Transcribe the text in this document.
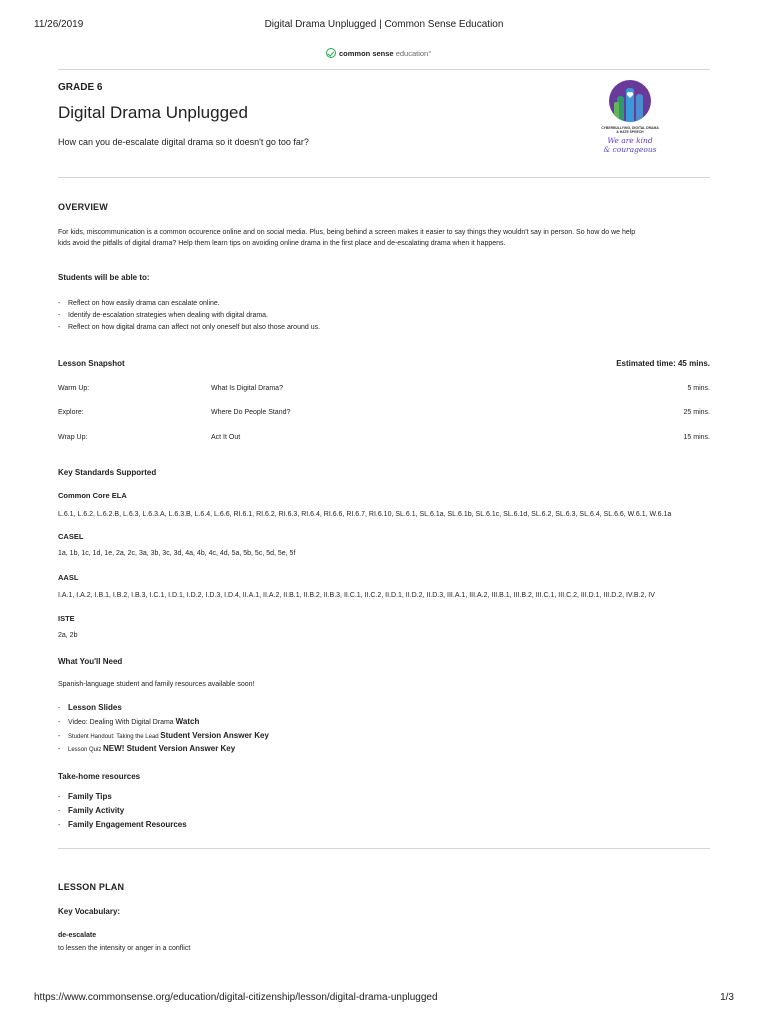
11/26/2019	Digital Drama Unplugged | Common Sense Education
common sense education°
GRADE 6
Digital Drama Unplugged
How can you de-escalate digital drama so it doesn't go too far?
CYBERBULLYING, DIGITAL DRAMA
& HATE SPEECH
We are kind
& courageous
OVERVIEW
For kids, miscommunication is a common occurence online and on social media. Plus, being behind a screen makes it easier to say things they wouldn't say in person. So how do we help
kids avoid the pitfalls of digital drama? Help them learn tips on avoiding online drama in the first place and de-escalating drama when it happens.
Students will be able to:
- Reflect on how easily drama can escalate online.
- Identify de-escalation strategies when dealing with digital drama.
- Reflect on how digital drama can affect not only oneself but also those around us.
Lesson Snapshot	Estimated time: 45 mins.
Warm Up:	What Is Digital Drama?	5 mins.
Explore:	Where Do People Stand?	25 mins.
Wrap Up:	Act It Out	15 mins.
Key Standards Supported
Common Core ELA
L.6.1, L.6.2, L.6.2.B, L.6.3, L.6.3.A, L.6.3.B, L.6.4, L.6.6, RI.6.1, RI.6.2, RI.6.3, RI.6.4, RI.6.6, RI.6.7, RI.6.10, SL.6.1, SL.6.1a, SL.6.1b, SL.6.1c, SL.6.1d, SL.6.2, SL.6.3, SL.6.4, SL.6.6, W.6.1, W.6.1a
CASEL
1a, 1b, 1c, 1d, 1e, 2a, 2c, 3a, 3b, 3c, 3d, 4a, 4b, 4c, 4d, 5a, 5b, 5c, 5d, 5e, 5f
AASL
I.A.1, I.A.2, I.B.1, I.B.2, I.B.3, I.C.1, I.D.1, I.D.2, I.D.3, I.D.4, II.A.1, II.A.2, II.B.1, II.B.2, II.B.3, II.C.1, II.C.2, II.D.1, II.D.2, II.D.3, III.A.1, III.A.2, III.B.1, III.B.2, III.C.1, III.C.2, III.D.1, III.D.2, IV.B.2, IV
ISTE
2a, 2b
What You'll Need
Spanish-language student and family resources available soon!
- Lesson Slides
- Video: Dealing With Digital Drama Watch
- Student Handout: Taking the Lead Student Version Answer Key
- Lesson Quiz NEW! Student Version Answer Key
Take-home resources
- Family Tips
- Family Activity
- Family Engagement Resources
LESSON PLAN
Key Vocabulary:
de-escalate
to lessen the intensity or anger in a conflict
https://www.commonsense.org/education/digital-citizenship/lesson/digital-drama-unplugged	1/3
